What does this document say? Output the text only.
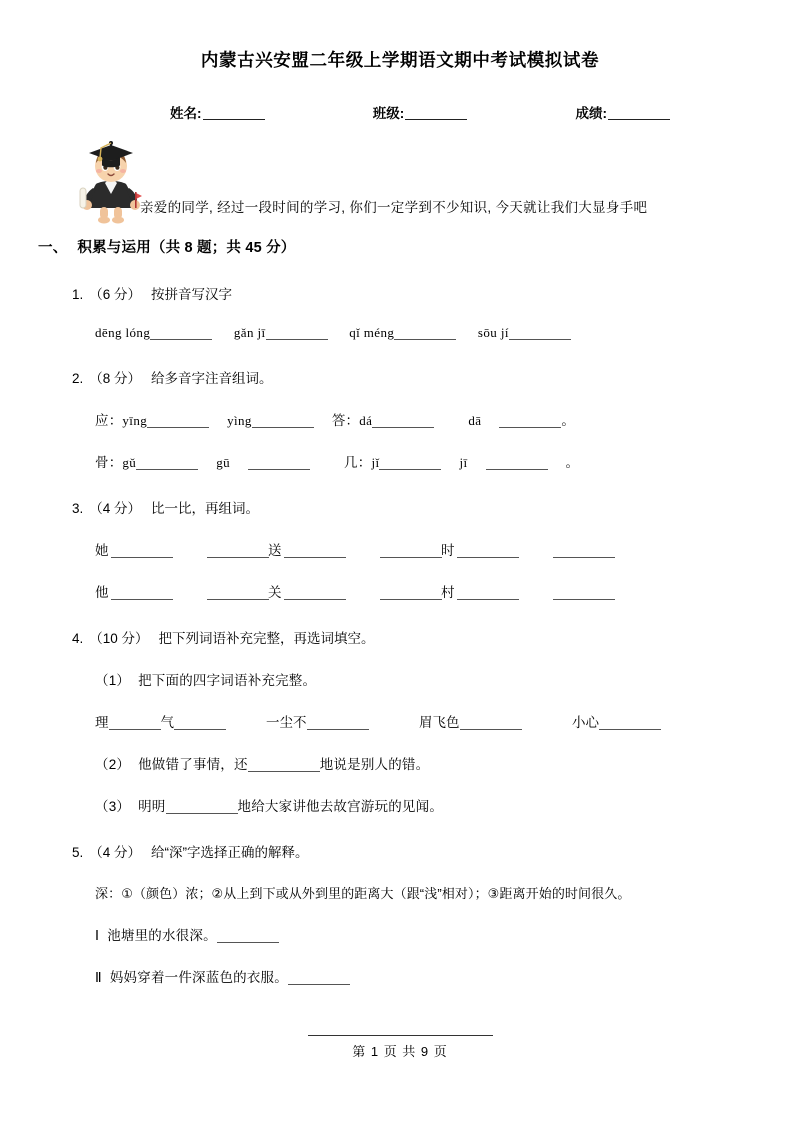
内蒙古兴安盟二年级上学期语文期中考试模拟试卷
姓名:	班级:	成绩:
亲爱的同学, 经过一段时间的学习, 你们一定学到不少知识, 今天就让我们大显身手吧
一、 积累与运用（共 8 题；共 45 分）
1. （6 分） 按拼音写汉字
dēng lóng	gǎn jī	qǐ méng	sōu jí
2. （8 分） 给多音字注音组词。
应：yīng	yìng	答：dá	dā	。
骨：gǔ	gū	几：jǐ	jī	。
3. （4 分） 比一比，再组词。
她	送	时
他	关	村
4. （10 分） 把下列词语补充完整，再选词填空。
（1） 把下面的四字词语补充完整。
理	气	一尘不	眉飞色	小心
（2） 他做错了事情，还	地说是别人的错。
（3） 明明	地给大家讲他去故宫游玩的见闻。
5. （4 分） 给“深”字选择正确的解释。
深：①（颜色）浓；②从上到下或从外到里的距离大（跟“浅”相对）；③距离开始的时间很久。
Ⅰ 池塘里的水很深。
Ⅱ 妈妈穿着一件深蓝色的衣服。
第 1 页 共 9 页
